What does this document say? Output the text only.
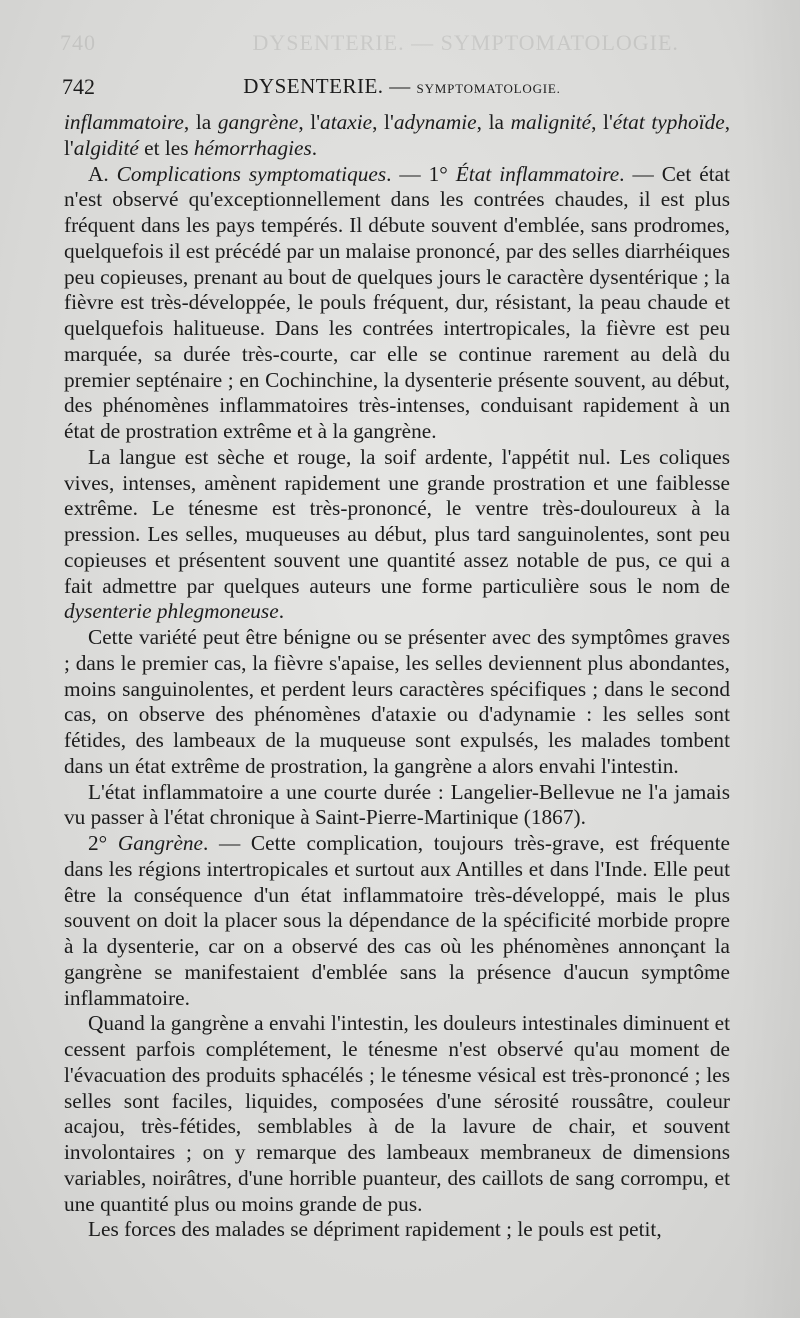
740	DYSENTERIE. — SYMPTOMATOLOGIE.
742	DYSENTERIE. — SYMPTOMATOLOGIE.

inflammatoire, la gangrène, l'ataxie, l'adynamie, la malignité, l'état typhoïde, l'algidité et les hémorrhagies.

A. Complications symptomatiques. — 1° État inflammatoire. — Cet état n'est observé qu'exceptionnellement dans les contrées chaudes, il est plus fréquent dans les pays tempérés. Il débute souvent d'emblée, sans prodromes, quelquefois il est précédé par un malaise prononcé, par des selles diarrhéiques peu copieuses, prenant au bout de quelques jours le caractère dysentérique ; la fièvre est très-développée, le pouls fréquent, dur, résistant, la peau chaude et quelquefois halitueuse. Dans les contrées intertropicales, la fièvre est peu marquée, sa durée très-courte, car elle se continue rarement au delà du premier septénaire ; en Cochinchine, la dysenterie présente souvent, au début, des phénomènes inflammatoires très-intenses, conduisant rapidement à un état de prostration extrême et à la gangrène.

La langue est sèche et rouge, la soif ardente, l'appétit nul. Les coliques vives, intenses, amènent rapidement une grande prostration et une faiblesse extrême. Le ténesme est très-prononcé, le ventre très-douloureux à la pression. Les selles, muqueuses au début, plus tard sanguinolentes, sont peu copieuses et présentent souvent une quantité assez notable de pus, ce qui a fait admettre par quelques auteurs une forme particulière sous le nom de dysenterie phlegmoneuse.

Cette variété peut être bénigne ou se présenter avec des symptômes graves ; dans le premier cas, la fièvre s'apaise, les selles deviennent plus abondantes, moins sanguinolentes, et perdent leurs caractères spécifiques ; dans le second cas, on observe des phénomènes d'ataxie ou d'adynamie : les selles sont fétides, des lambeaux de la muqueuse sont expulsés, les malades tombent dans un état extrême de prostration, la gangrène a alors envahi l'intestin.

L'état inflammatoire a une courte durée : Langelier-Bellevue ne l'a jamais vu passer à l'état chronique à Saint-Pierre-Martinique (1867).

2° Gangrène. — Cette complication, toujours très-grave, est fréquente dans les régions intertropicales et surtout aux Antilles et dans l'Inde. Elle peut être la conséquence d'un état inflammatoire très-développé, mais le plus souvent on doit la placer sous la dépendance de la spécificité morbide propre à la dysenterie, car on a observé des cas où les phénomènes annonçant la gangrène se manifestaient d'emblée sans la présence d'aucun symptôme inflammatoire.

Quand la gangrène a envahi l'intestin, les douleurs intestinales diminuent et cessent parfois complétement, le ténesme n'est observé qu'au moment de l'évacuation des produits sphacélés ; le ténesme vésical est très-prononcé ; les selles sont faciles, liquides, composées d'une sérosité roussâtre, couleur acajou, très-fétides, semblables à de la lavure de chair, et souvent involontaires ; on y remarque des lambeaux membraneux de dimensions variables, noirâtres, d'une horrible puanteur, des caillots de sang corrompu, et une quantité plus ou moins grande de pus.

Les forces des malades se dépriment rapidement ; le pouls est petit,
